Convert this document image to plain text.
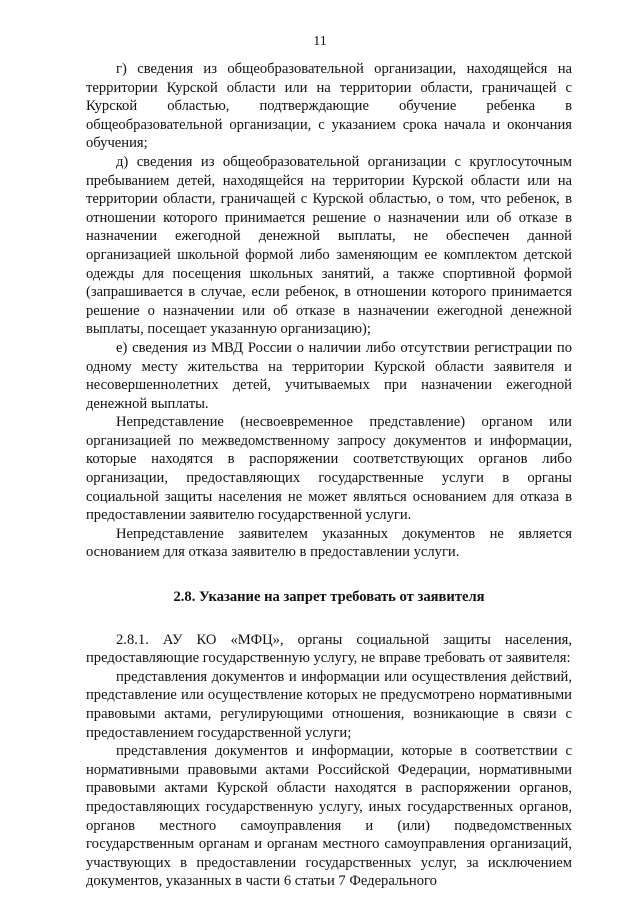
11

г) сведения из общеобразовательной организации, находящейся на территории Курской области или на территории области, граничащей с Курской областью, подтверждающие обучение ребенка в общеобразовательной организации, с указанием срока начала и окончания обучения;

д) сведения из общеобразовательной организации с круглосуточным пребыванием детей, находящейся на территории Курской области или на территории области, граничащей с Курской областью, о том, что ребенок, в отношении которого принимается решение о назначении или об отказе в назначении ежегодной денежной выплаты, не обеспечен данной организацией школьной формой либо заменяющим ее комплектом детской одежды для посещения школьных занятий, а также спортивной формой (запрашивается в случае, если ребенок, в отношении которого принимается решение о назначении или об отказе в назначении ежегодной денежной выплаты, посещает указанную организацию);

е) сведения из МВД России о наличии либо отсутствии регистрации по одному месту жительства на территории Курской области заявителя и несовершеннолетних детей, учитываемых при назначении ежегодной денежной выплаты.

Непредставление (несвоевременное представление) органом или организацией по межведомственному запросу документов и информации, которые находятся в распоряжении соответствующих органов либо организации, предоставляющих государственные услуги в органы социальной защиты населения не может являться основанием для отказа в предоставлении заявителю государственной услуги.

Непредставление заявителем указанных документов не является основанием для отказа заявителю в предоставлении услуги.

2.8. Указание на запрет требовать от заявителя

2.8.1. АУ КО «МФЦ», органы социальной защиты населения, предоставляющие государственную услугу, не вправе требовать от заявителя:

представления документов и информации или осуществления действий, представление или осуществление которых не предусмотрено нормативными правовыми актами, регулирующими отношения, возникающие в связи с предоставлением государственной услуги;

представления документов и информации, которые в соответствии с нормативными правовыми актами Российской Федерации, нормативными правовыми актами Курской области находятся в распоряжении органов, предоставляющих государственную услугу, иных государственных органов, органов местного самоуправления и (или) подведомственных государственным органам и органам местного самоуправления организаций, участвующих в предоставлении государственных услуг, за исключением документов, указанных в части 6 статьи 7 Федерального
